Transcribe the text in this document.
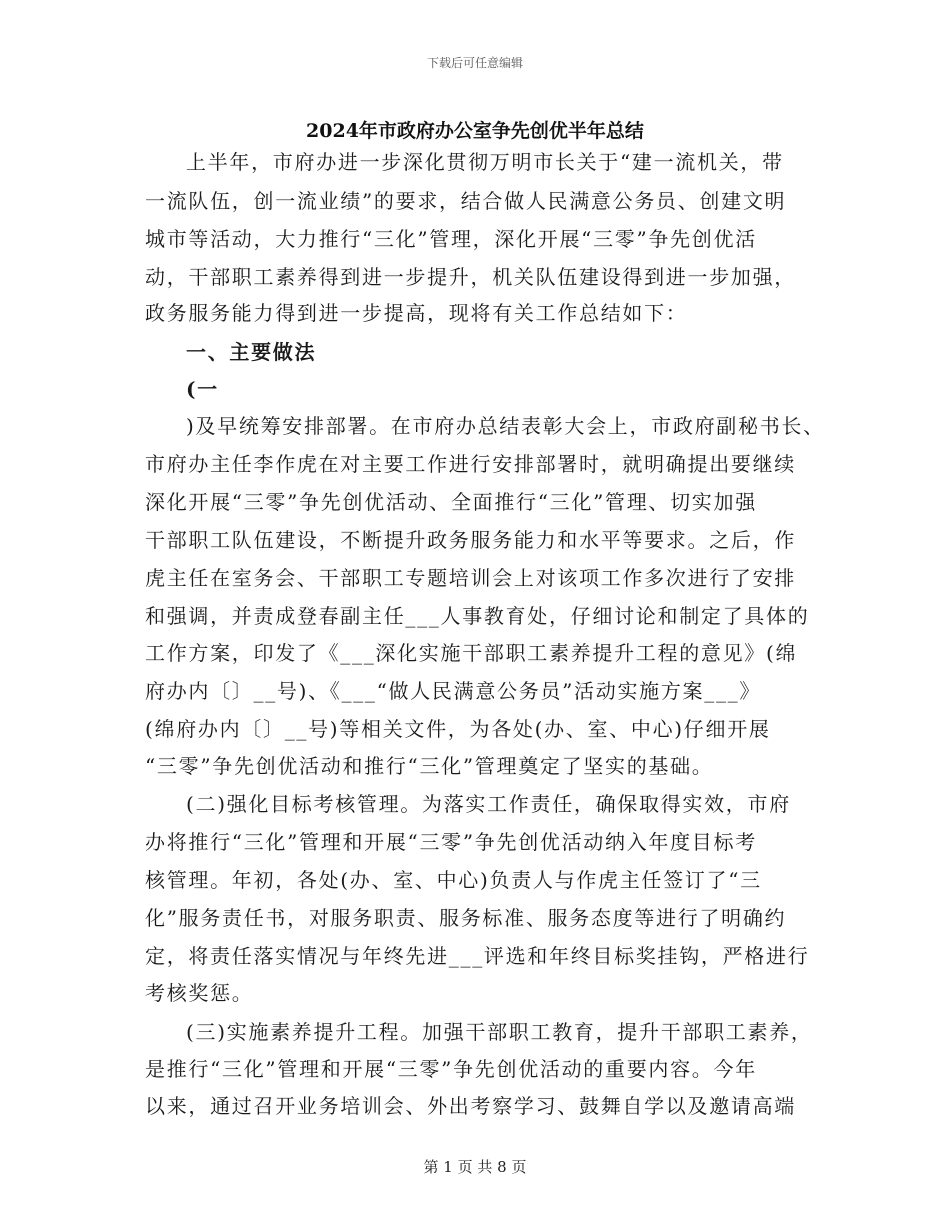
下载后可任意编辑
2024年市政府办公室争先创优半年总结
上半年，市府办进一步深化贯彻万明市长关于“建一流机关，带
一流队伍，创一流业绩”的要求，结合做人民满意公务员、创建文明
城市等活动，大力推行“三化”管理，深化开展“三零”争先创优活
动，干部职工素养得到进一步提升，机关队伍建设得到进一步加强，
政务服务能力得到进一步提高，现将有关工作总结如下：
一、主要做法
(一
)及早统筹安排部署。在市府办总结表彰大会上，市政府副秘书长、
市府办主任李作虎在对主要工作进行安排部署时，就明确提出要继续
深化开展“三零”争先创优活动、全面推行“三化”管理、切实加强
干部职工队伍建设，不断提升政务服务能力和水平等要求。之后，作
虎主任在室务会、干部职工专题培训会上对该项工作多次进行了安排
和强调，并责成登春副主任___人事教育处，仔细讨论和制定了具体的
工作方案，印发了《___深化实施干部职工素养提升工程的意见》(绵
府办内〔〕__号)、《___“做人民满意公务员”活动实施方案___》
(绵府办内〔〕__号)等相关文件，为各处(办、室、中心)仔细开展
“三零”争先创优活动和推行“三化”管理奠定了坚实的基础。
(二)强化目标考核管理。为落实工作责任，确保取得实效，市府
办将推行“三化”管理和开展“三零”争先创优活动纳入年度目标考
核管理。年初，各处(办、室、中心)负责人与作虎主任签订了“三
化”服务责任书，对服务职责、服务标准、服务态度等进行了明确约
定，将责任落实情况与年终先进___评选和年终目标奖挂钩，严格进行
考核奖惩。
(三)实施素养提升工程。加强干部职工教育，提升干部职工素养，
是推行“三化”管理和开展“三零”争先创优活动的重要内容。今年
以来，通过召开业务培训会、外出考察学习、鼓舞自学以及邀请高端
第 1 页 共 8 页
